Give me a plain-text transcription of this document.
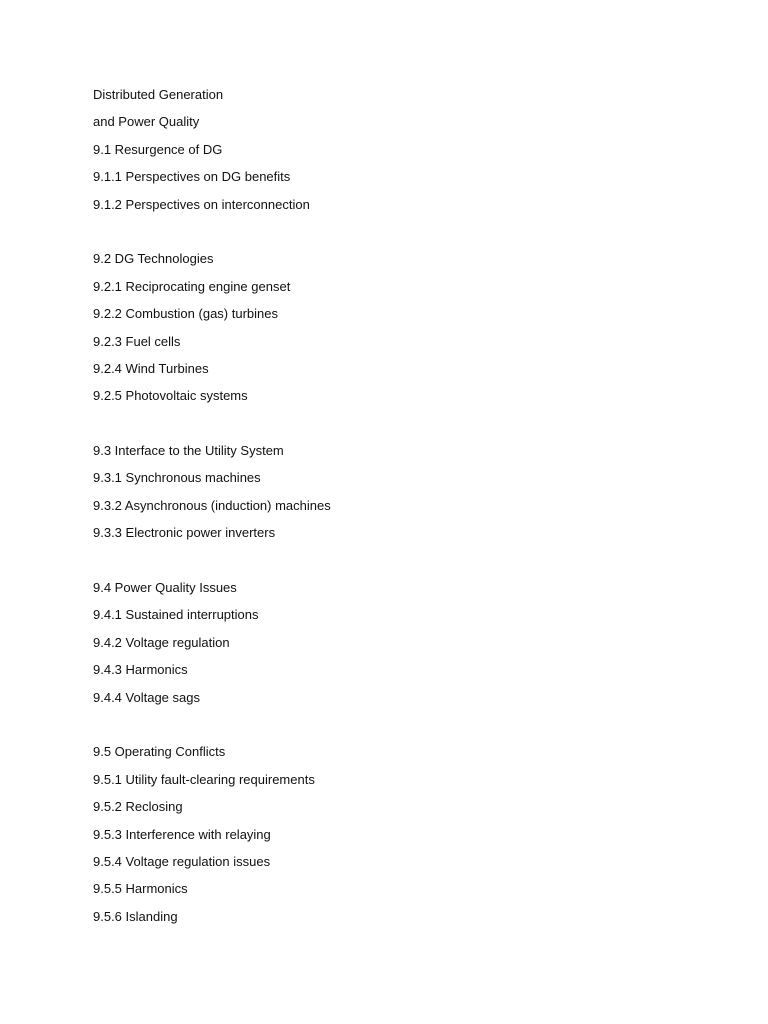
Distributed Generation
and Power Quality
9.1 Resurgence of DG
9.1.1 Perspectives on DG benefits
9.1.2 Perspectives on interconnection
9.2 DG Technologies
9.2.1 Reciprocating engine genset
9.2.2 Combustion (gas) turbines
9.2.3 Fuel cells
9.2.4 Wind Turbines
9.2.5 Photovoltaic systems
9.3 Interface to the Utility System
9.3.1 Synchronous machines
9.3.2 Asynchronous (induction) machines
9.3.3 Electronic power inverters
9.4 Power Quality Issues
9.4.1 Sustained interruptions
9.4.2 Voltage regulation
9.4.3 Harmonics
9.4.4 Voltage sags
9.5 Operating Conflicts
9.5.1 Utility fault-clearing requirements
9.5.2 Reclosing
9.5.3 Interference with relaying
9.5.4 Voltage regulation issues
9.5.5 Harmonics
9.5.6 Islanding
